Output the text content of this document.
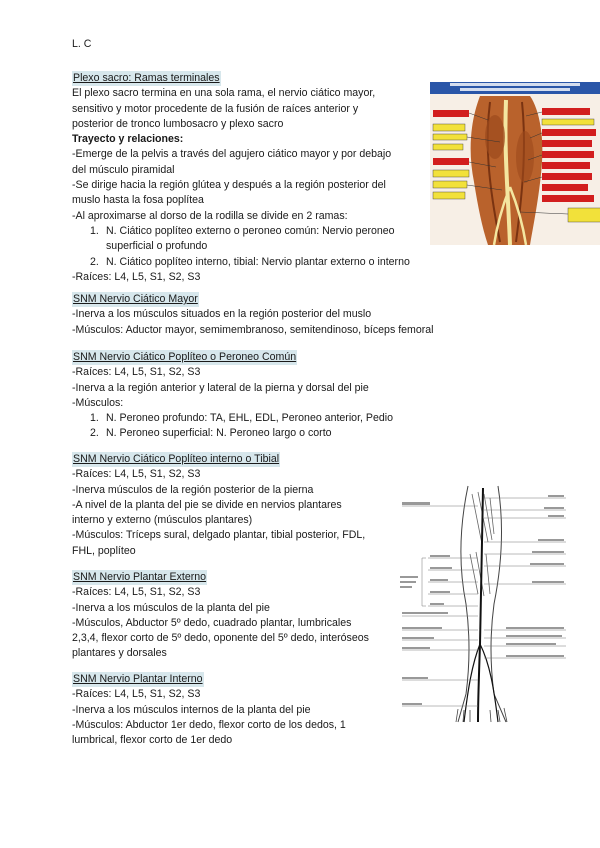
L. C
Plexo sacro: Ramas terminales
El plexo sacro termina en una sola rama, el nervio ciático mayor,
sensitivo y motor procedente de la fusión de raíces anterior y
posterior de tronco lumbosacro y plexo sacro
Trayecto y relaciones:
-Emerge de la pelvis a través del agujero ciático mayor y por debajo
del músculo piramidal
-Se dirige hacia la región glútea y después a la región posterior del
muslo hasta la fosa poplítea
-Al aproximarse al dorso de la rodilla se divide en 2 ramas:
1. N. Ciático poplíteo externo o peroneo común: Nervio peroneo
superficial o profundo
2. N. Ciático poplíteo interno, tibial: Nervio plantar externo o interno
-Raíces: L4, L5, S1, S2, S3
SNM Nervio Ciático Mayor
-Inerva a los músculos situados en la región posterior del muslo
-Músculos: Aductor mayor, semimembranoso, semitendinoso, bíceps femoral
SNM Nervio Ciático Poplíteo o Peroneo Común
-Raíces: L4, L5, S1, S2, S3
-Inerva a la región anterior y lateral de la pierna y dorsal del pie
-Músculos:
1. N. Peroneo profundo: TA, EHL, EDL, Peroneo anterior, Pedio
2. N. Peroneo superficial: N. Peroneo largo o corto
SNM Nervio Ciático Poplíteo interno o Tibial
-Raíces: L4, L5, S1, S2, S3
-Inerva músculos de la región posterior de la pierna
-A nivel de la planta del pie se divide en nervios plantares
interno y externo (músculos plantares)
-Músculos: Tríceps sural, delgado plantar, tibial posterior, FDL,
FHL, poplíteo
SNM Nervio Plantar Externo
-Raíces: L4, L5, S1, S2, S3
-Inerva a los músculos de la planta del pie
-Músculos, Abductor 5º dedo, cuadrado plantar, lumbricales
2,3,4, flexor corto de 5º dedo, oponente del 5º dedo, interóseos
plantares y dorsales
SNM Nervio Plantar Interno
-Raíces: L4, L5, S1, S2, S3
-Inerva a los músculos internos de la planta del pie
-Músculos: Abductor 1er dedo, flexor corto de los dedos, 1
lumbrical, flexor corto de 1er dedo
